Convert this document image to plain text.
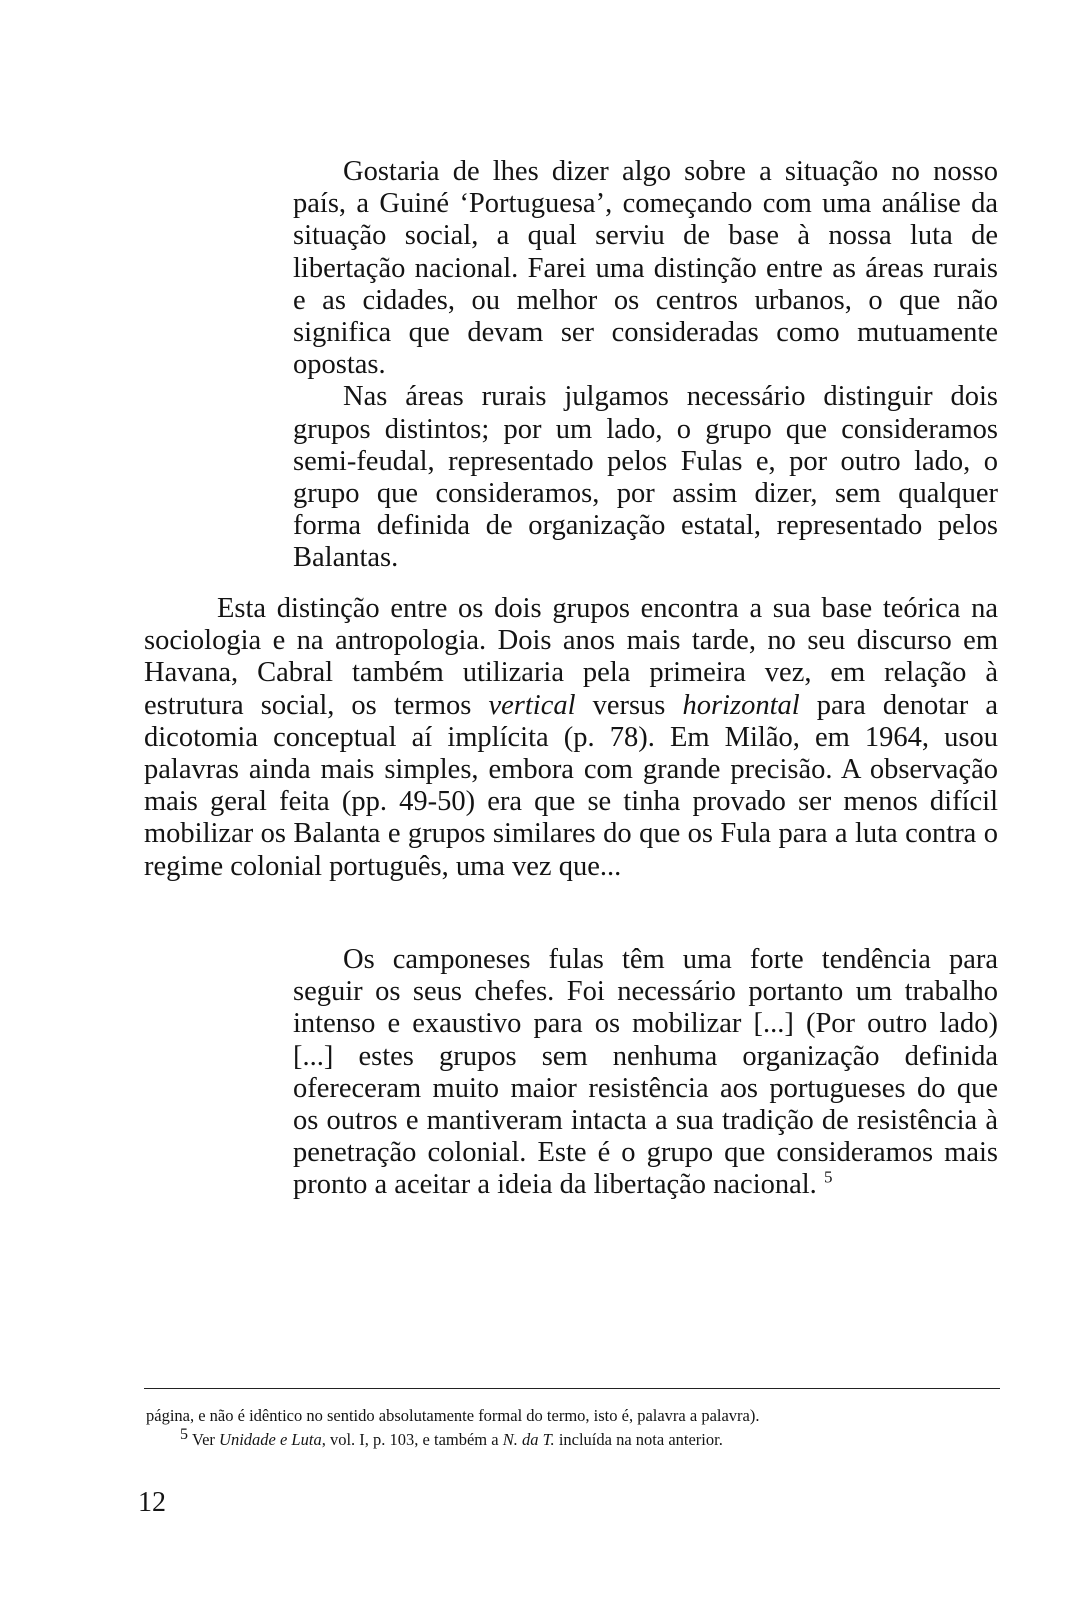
Gostaria de lhes dizer algo sobre a situação no nosso país, a Guiné ‘Portuguesa’, começando com uma análise da situação social, a qual serviu de base à nossa luta de libertação nacional. Farei uma distinção entre as áreas rurais e as cidades, ou melhor os centros urbanos, o que não significa que devam ser consideradas como mutuamente opostas.

Nas áreas rurais julgamos necessário distinguir dois grupos distintos; por um lado, o grupo que consideramos semi-feudal, representado pelos Fulas e, por outro lado, o grupo que consideramos, por assim dizer, sem qualquer forma definida de organização estatal, representado pelos Balantas.

Esta distinção entre os dois grupos encontra a sua base teórica na sociologia e na antropologia. Dois anos mais tarde, no seu discurso em Havana, Cabral também utilizaria pela primeira vez, em relação à estrutura social, os termos vertical versus horizontal para denotar a dicotomia conceptual aí implícita (p. 78). Em Milão, em 1964, usou palavras ainda mais simples, embora com grande precisão. A observação mais geral feita (pp. 49-50) era que se tinha provado ser menos difícil mobilizar os Balanta e grupos similares do que os Fula para a luta contra o regime colonial português, uma vez que...

Os camponeses fulas têm uma forte tendência para seguir os seus chefes. Foi necessário portanto um trabalho intenso e exaustivo para os mobilizar [...] (Por outro lado) [...] estes grupos sem nenhuma organização definida ofereceram muito maior resistência aos portugueses do que os outros e mantiveram intacta a sua tradição de resistência à penetração colonial. Este é o grupo que consideramos mais pronto a aceitar a ideia da libertação nacional. $^5$

página, e não é idêntico no sentido absolutamente formal do termo, isto é, palavra a palavra).

5 Ver Unidade e Luta, vol. I, p. 103, e também a N. da T. incluída na nota anterior.

12
